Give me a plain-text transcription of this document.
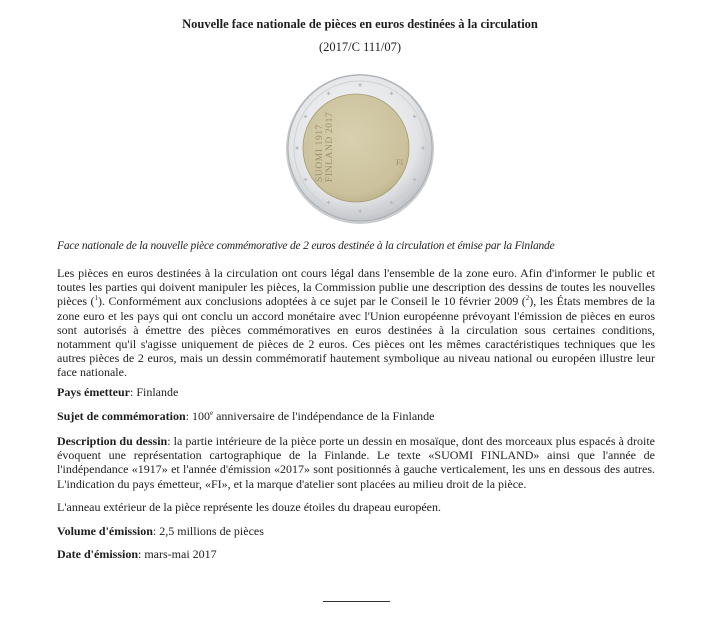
Nouvelle face nationale de pièces en euros destinées à la circulation
(2017/C 111/07)
✦
✦
✦
✦
✦
✦
✦
✦
✦
✦
✦
✦
SUOMI 1917 FINLAND 2017	FI
Face nationale de la nouvelle pièce commémorative de 2 euros destinée à la circulation et émise par la Finlande
Les pièces en euros destinées à la circulation ont cours légal dans l'ensemble de la zone euro. Afin d'informer le public et toutes les parties qui doivent manipuler les pièces, la Commission publie une description des dessins de toutes les nouvelles pièces ($^1$). Conformément aux conclusions adoptées à ce sujet par le Conseil le 10 février 2009 ($^2$), les États membres de la zone euro et les pays qui ont conclu un accord monétaire avec l'Union européenne prévoyant l'émission de pièces en euros sont autorisés à émettre des pièces commémoratives en euros destinées à la circulation sous certaines conditions, notamment qu'il s'agisse uniquement de pièces de 2 euros. Ces pièces ont les mêmes caractéristiques techniques que les autres pièces de 2 euros, mais un dessin commémoratif hautement symbolique au niveau national ou européen illustre leur face nationale.
Pays émetteur: Finlande
Sujet de commémoration: 100e anniversaire de l'indépendance de la Finlande
Description du dessin: la partie intérieure de la pièce porte un dessin en mosaïque, dont des morceaux plus espacés à droite évoquent une représentation cartographique de la Finlande. Le texte «SUOMI FINLAND» ainsi que l'année de l'indépendance «1917» et l'année d'émission «2017» sont positionnés à gauche verticalement, les uns en dessous des autres. L'indication du pays émetteur, «FI», et la marque d'atelier sont placées au milieu droit de la pièce.
L'anneau extérieur de la pièce représente les douze étoiles du drapeau européen.
Volume d'émission: 2,5 millions de pièces
Date d'émission: mars-mai 2017
